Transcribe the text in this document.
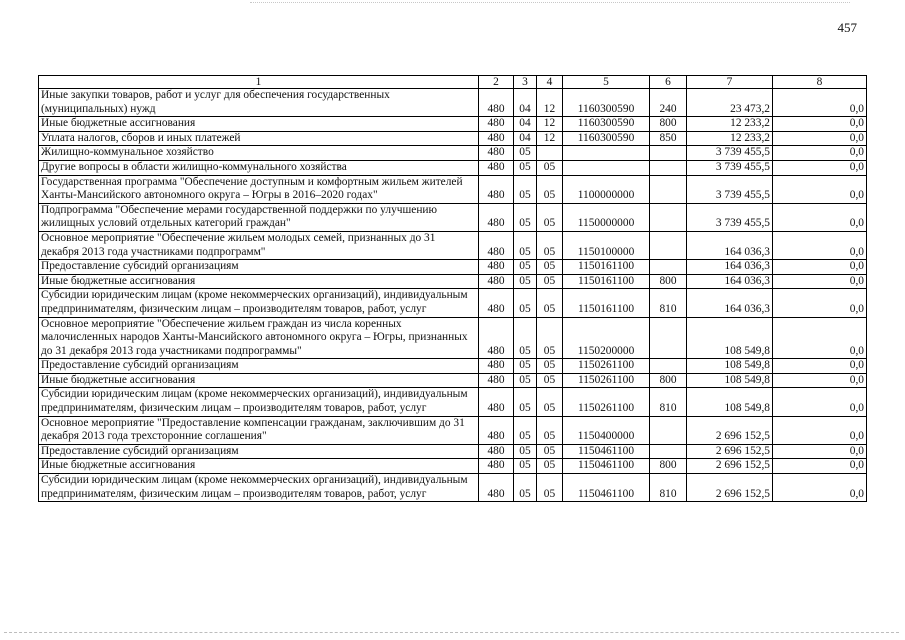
457
1	2	3	4	5	6	7	8
Иные закупки товаров, работ и услуг для обеспечения государственных (муниципальных) нужд	480	04	12	1160300590	240	23 473,2	0,0
Иные бюджетные ассигнования	480	04	12	1160300590	800	12 233,2	0,0
Уплата налогов, сборов и иных платежей	480	04	12	1160300590	850	12 233,2	0,0
Жилищно-коммунальное хозяйство	480	05				3 739 455,5	0,0
Другие вопросы в области жилищно-коммунального хозяйства	480	05	05			3 739 455,5	0,0
Государственная программа "Обеспечение доступным и комфортным жильем жителей Ханты-Мансийского автономного округа – Югры в 2016–2020 годах"	480	05	05	1100000000		3 739 455,5	0,0
Подпрограмма "Обеспечение мерами государственной поддержки по улучшению жилищных условий отдельных категорий граждан"	480	05	05	1150000000		3 739 455,5	0,0
Основное мероприятие "Обеспечение жильем молодых семей, признанных до 31 декабря 2013 года участниками подпрограмм"	480	05	05	1150100000		164 036,3	0,0
Предоставление субсидий организациям	480	05	05	1150161100		164 036,3	0,0
Иные бюджетные ассигнования	480	05	05	1150161100	800	164 036,3	0,0
Субсидии юридическим лицам (кроме некоммерческих организаций), индивидуальным предпринимателям, физическим лицам – производителям товаров, работ, услуг	480	05	05	1150161100	810	164 036,3	0,0
Основное мероприятие "Обеспечение жильем граждан из числа коренных малочисленных народов Ханты-Мансийского автономного округа – Югры, признанных до 31 декабря 2013 года участниками подпрограммы"	480	05	05	1150200000		108 549,8	0,0
Предоставление субсидий организациям	480	05	05	1150261100		108 549,8	0,0
Иные бюджетные ассигнования	480	05	05	1150261100	800	108 549,8	0,0
Субсидии юридическим лицам (кроме некоммерческих организаций), индивидуальным предпринимателям, физическим лицам – производителям товаров, работ, услуг	480	05	05	1150261100	810	108 549,8	0,0
Основное мероприятие "Предоставление компенсации гражданам, заключившим до 31 декабря 2013 года трехсторонние соглашения"	480	05	05	1150400000		2 696 152,5	0,0
Предоставление субсидий организациям	480	05	05	1150461100		2 696 152,5	0,0
Иные бюджетные ассигнования	480	05	05	1150461100	800	2 696 152,5	0,0
Субсидии юридическим лицам (кроме некоммерческих организаций), индивидуальным предпринимателям, физическим лицам – производителям товаров, работ, услуг	480	05	05	1150461100	810	2 696 152,5	0,0
